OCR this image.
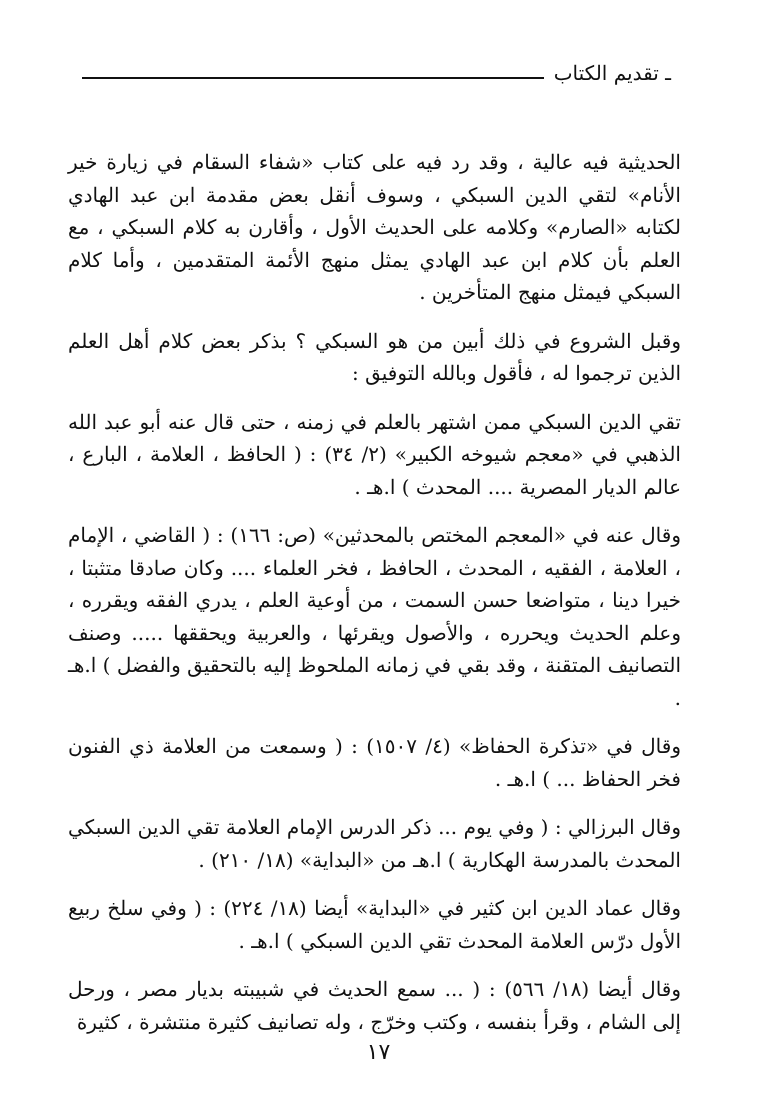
ـ تقديم الكتاب

الحديثية فيه عالية ، وقد رد فيه على كتاب «شفاء السقام في زيارة خير الأنام» لتقي الدين السبكي ، وسوف أنقل بعض مقدمة ابن عبد الهادي لكتابه «الصارم» وكلامه على الحديث الأول ، وأقارن به كلام السبكي ، مع العلم بأن كلام ابن عبد الهادي يمثل منهج الأئمة المتقدمين ، وأما كلام السبكي فيمثل منهج المتأخرين .

وقبل الشروع في ذلك أبين من هو السبكي ؟ بذكر بعض كلام أهل العلم الذين ترجموا له ، فأقول وبالله التوفيق :

تقي الدين السبكي ممن اشتهر بالعلم في زمنه ، حتى قال عنه أبو عبد الله الذهبي في «معجم شيوخه الكبير» (٢/ ٣٤) : ( الحافظ ، العلامة ، البارع ، عالم الديار المصرية .... المحدث ) ا.هـ .

وقال عنه في «المعجم المختص بالمحدثين» (ص: ١٦٦) : ( القاضي ، الإمام ، العلامة ، الفقيه ، المحدث ، الحافظ ، فخر العلماء .... وكان صادقا متثبتا ، خيرا دينا ، متواضعا حسن السمت ، من أوعية العلم ، يدري الفقه ويقرره ، وعلم الحديث ويحرره ، والأصول ويقرئها ، والعربية ويحققها ..... وصنف التصانيف المتقنة ، وقد بقي في زمانه الملحوظ إليه بالتحقيق والفضل ) ا.هـ .

وقال في «تذكرة الحفاظ» (٤/ ١٥٠٧) : ( وسمعت من العلامة ذي الفنون فخر الحفاظ ... ) ا.هـ .

وقال البرزالي : ( وفي يوم ... ذكر الدرس الإمام العلامة تقي الدين السبكي المحدث بالمدرسة الهكارية ) ا.هـ من «البداية» (١٨/ ٢١٠) .

وقال عماد الدين ابن كثير في «البداية» أيضا (١٨/ ٢٢٤) : ( وفي سلخ ربيع الأول درّس العلامة المحدث تقي الدين السبكي ) ا.هـ .

وقال أيضا (١٨/ ٥٦٦) : ( ... سمع الحديث في شبيبته بديار مصر ، ورحل إلى الشام ، وقرأ بنفسه ، وكتب وخرّج ، وله تصانيف كثيرة منتشرة ، كثيرة

١٧
